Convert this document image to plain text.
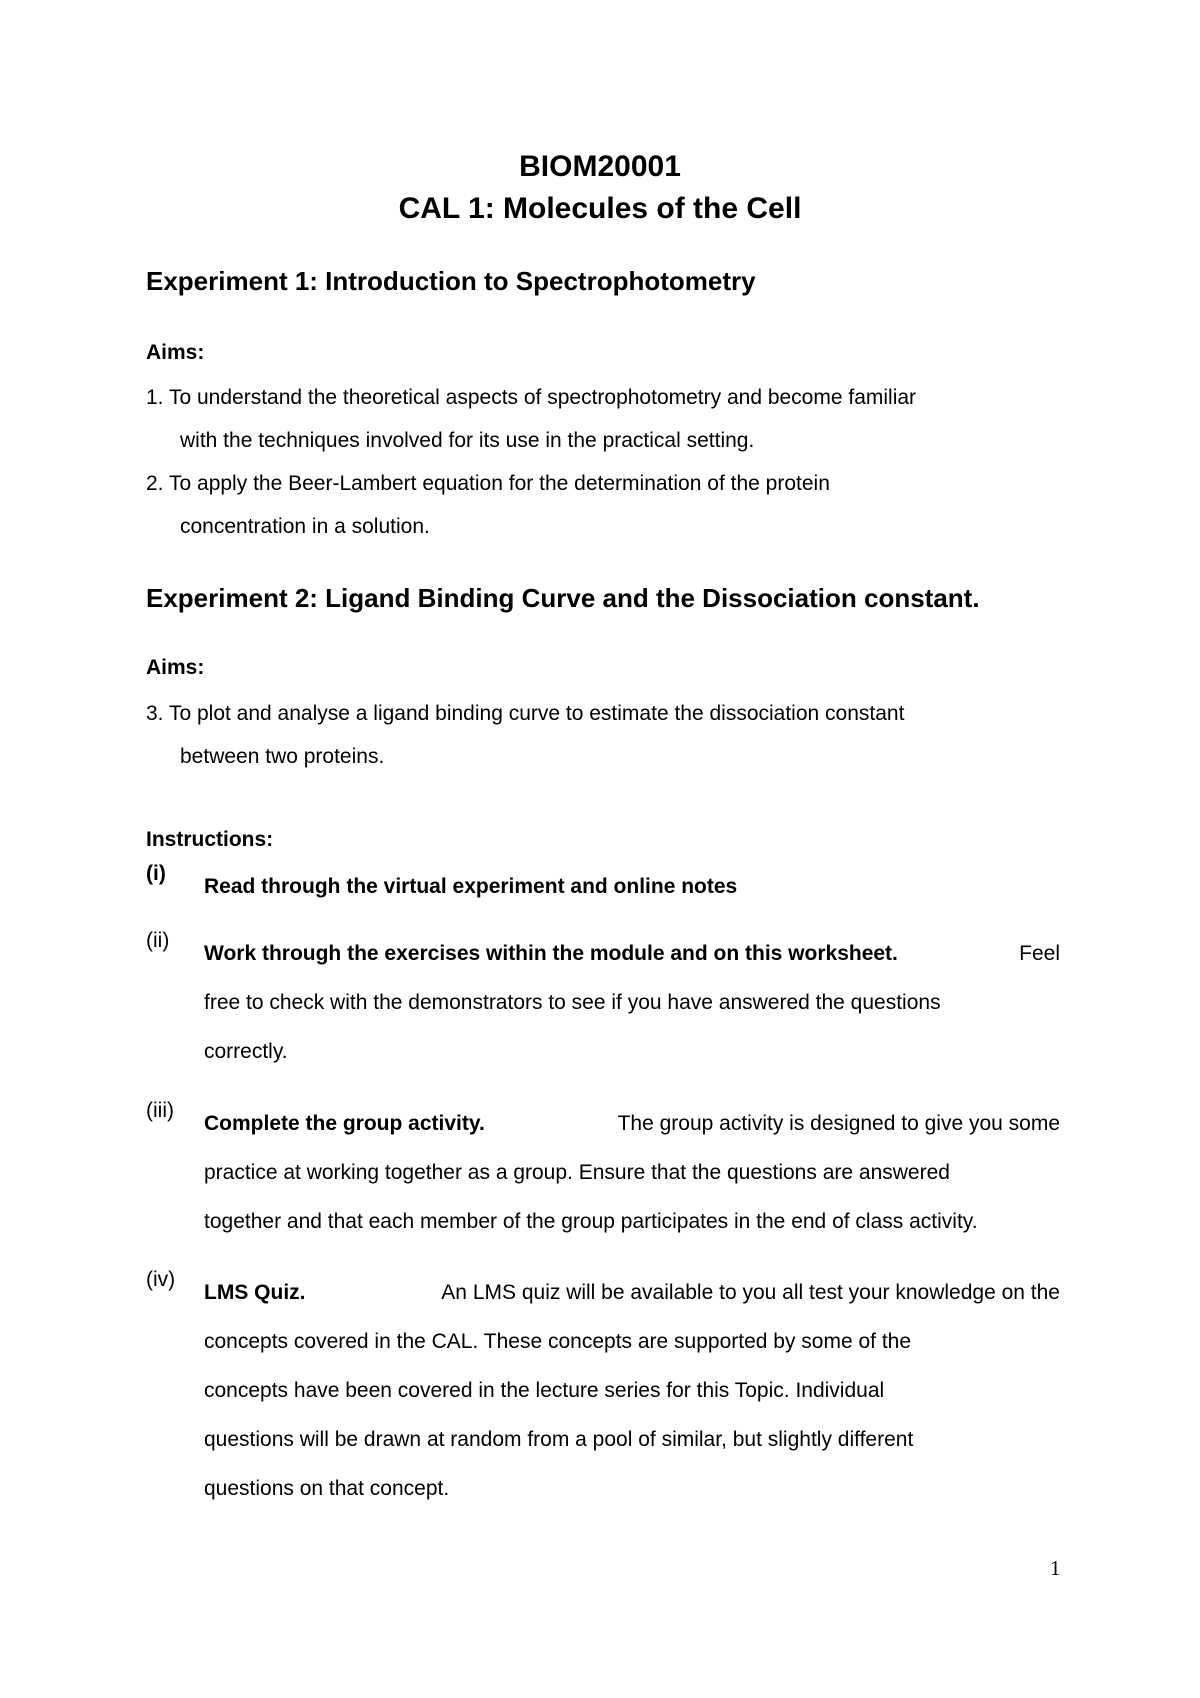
BIOM20001
CAL 1: Molecules of the Cell
Experiment 1: Introduction to Spectrophotometry
Aims:
1. To understand the theoretical aspects of spectrophotometry and become familiar
with the techniques involved for its use in the practical setting.
2. To apply the Beer-Lambert equation for the determination of the protein
concentration in a solution.
Experiment 2: Ligand Binding Curve and the Dissociation constant.
Aims:
3. To plot and analyse a ligand binding curve to estimate the dissociation constant
between two proteins.
Instructions:
(i)
Read through the virtual experiment and online notes
(ii)
Work through the exercises within the module and on this worksheet.	Feel
free to check with the demonstrators to see if you have answered the questions
correctly.
(iii)
Complete the group activity.	The group activity is designed to give you some
practice at working together as a group. Ensure that the questions are answered
together and that each member of the group participates in the end of class activity.
(iv)
LMS Quiz.	An LMS quiz will be available to you all test your knowledge on the
concepts covered in the CAL. These concepts are supported by some of the
concepts have been covered in the lecture series for this Topic. Individual
questions will be drawn at random from a pool of similar, but slightly different
questions on that concept.
1
